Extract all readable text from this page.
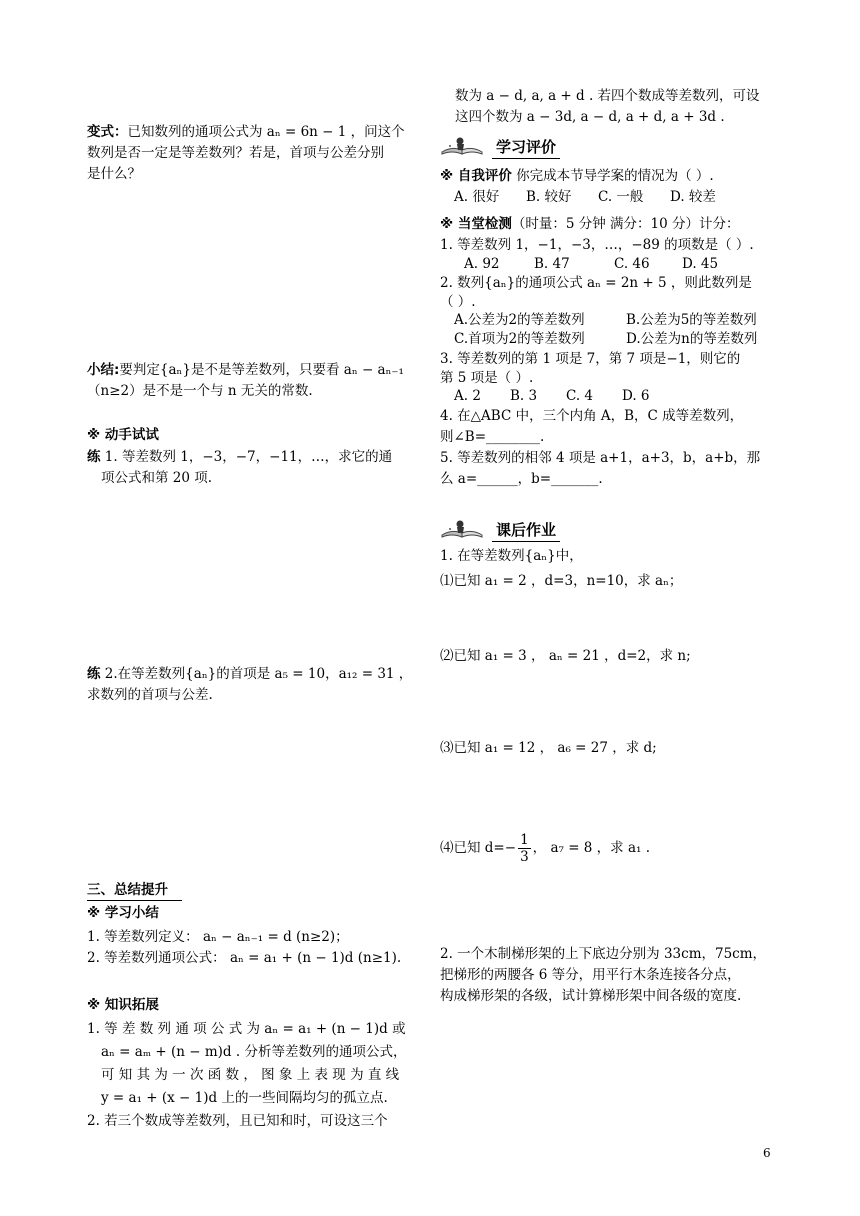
变式：已知数列的通项公式为 aₙ = 6n − 1 ，问这个
数列是否一定是等差数列？若是，首项与公差分别
是什么？
小结:要判定{aₙ}是不是等差数列，只要看 aₙ − aₙ₋₁
（n≥2）是不是一个与 n 无关的常数.
※ 动手试试
练 1. 等差数列 1，−3，−7，−11，…，求它的通
项公式和第 20 项.
练 2.在等差数列{aₙ}的首项是 a₅ = 10，a₁₂ = 31 ，
求数列的首项与公差.
三、总结提升
※ 学习小结
1. 等差数列定义： aₙ − aₙ₋₁ = d (n≥2)；
2. 等差数列通项公式： aₙ = a₁ + (n − 1)d (n≥1).
※ 知识拓展
1. 等 差 数 列 通 项 公 式 为 aₙ = a₁ + (n − 1)d 或
aₙ = aₘ + (n − m)d . 分析等差数列的通项公式，
可 知 其 为 一 次 函 数 ， 图 象 上 表 现 为 直 线
y = a₁ + (x − 1)d 上的一些间隔均匀的孤立点.
2. 若三个数成等差数列，且已知和时，可设这三个
数为 a − d, a, a + d . 若四个数成等差数列，可设
这四个数为 a − 3d, a − d, a + d, a + 3d .
学习评价
※ 自我评价 你完成本节导学案的情况为（ ）.
A. 很好	B. 较好	C. 一般	D. 较差
※ 当堂检测（时量：5 分钟 满分：10 分）计分：
1. 等差数列 1，−1，−3，…，−89 的项数是（ ）.
A. 92	B. 47	C. 46	D. 45
2. 数列{aₙ}的通项公式 aₙ = 2n + 5 ，则此数列是
（ ）.
A.公差为2的等差数列	B.公差为5的等差数列
C.首项为2的等差数列	D.公差为n的等差数列
3. 等差数列的第 1 项是 7，第 7 项是−1，则它的
第 5 项是（ ）.
A. 2	B. 3	C. 4	D. 6
4. 在△ABC 中，三个内角 A，B，C 成等差数列，
则∠B=________.
5. 等差数列的相邻 4 项是 a+1，a+3，b，a+b，那
么 a=______，b=_______.
课后作业
1. 在等差数列{aₙ}中，
⑴已知 a₁ = 2 ，d=3，n=10，求 aₙ；
⑵已知 a₁ = 3 ， aₙ = 21 ，d=2，求 n;
⑶已知 a₁ = 12 ， a₆ = 27 ，求 d;
⑷已知 $d=- \frac{1}{3}$ ， a₇ = 8 ，求 a₁ .
2. 一个木制梯形架的上下底边分别为 33cm，75cm，
把梯形的两腰各 6 等分，用平行木条连接各分点，
构成梯形架的各级，试计算梯形架中间各级的宽度.
6
